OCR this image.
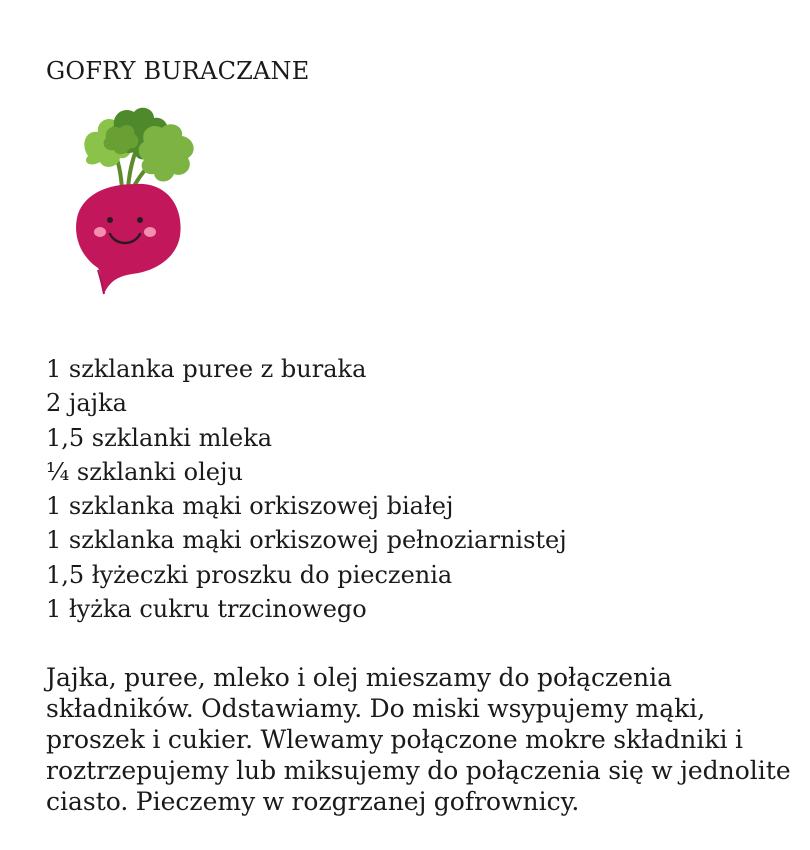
GOFRY BURACZANE
1 szklanka puree z buraka
2 jajka
1,5 szklanki mleka
¼ szklanki oleju
1 szklanka mąki orkiszowej białej
1 szklanka mąki orkiszowej pełnoziarnistej
1,5 łyżeczki proszku do pieczenia
1 łyżka cukru trzcinowego

Jajka, puree, mleko i olej mieszamy do połączenia składników. Odstawiamy. Do miski wsypujemy mąki, proszek i cukier. Wlewamy połączone mokre składniki i roztrzepujemy lub miksujemy do połączenia się w jednolite ciasto. Pieczemy w rozgrzanej gofrownicy.
